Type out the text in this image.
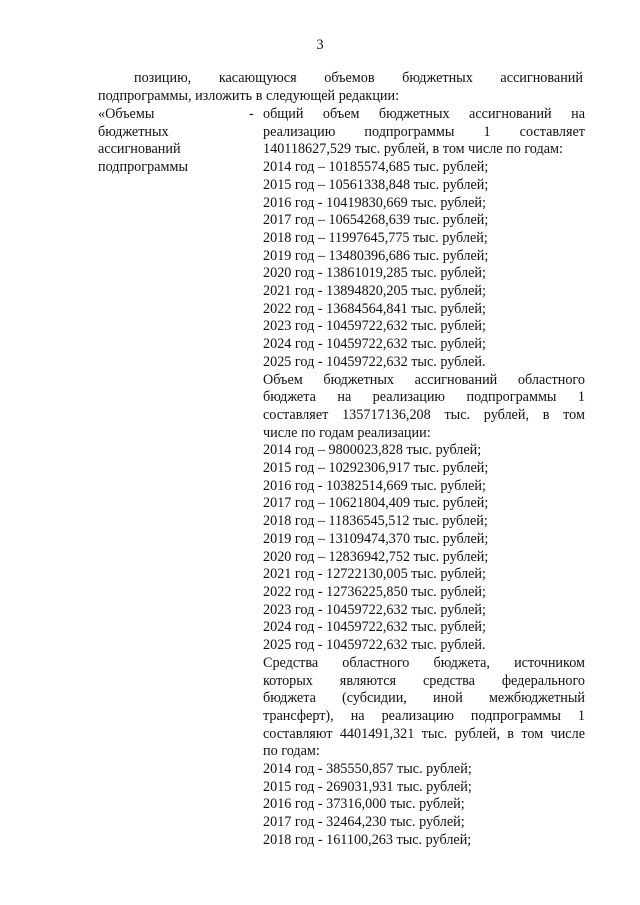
3
позицию, касающуюся объемов бюджетных ассигнований
подпрограммы, изложить в следующей редакции:
«Объемы
бюджетных
ассигнований
подпрограммы
- общий объем бюджетных ассигнований на
реализацию подпрограммы 1 составляет
140118627,529 тыс. рублей, в том числе по годам:
2014 год – 10185574,685 тыс. рублей;
2015 год – 10561338,848 тыс. рублей;
2016 год - 10419830,669 тыс. рублей;
2017 год – 10654268,639 тыс. рублей;
2018 год – 11997645,775 тыс. рублей;
2019 год – 13480396,686 тыс. рублей;
2020 год - 13861019,285 тыс. рублей;
2021 год - 13894820,205 тыс. рублей;
2022 год - 13684564,841 тыс. рублей;
2023 год - 10459722,632 тыс. рублей;
2024 год - 10459722,632 тыс. рублей;
2025 год - 10459722,632 тыс. рублей.
Объем бюджетных ассигнований областного
бюджета на реализацию подпрограммы 1
составляет 135717136,208 тыс. рублей, в том
числе по годам реализации:
2014 год – 9800023,828 тыс. рублей;
2015 год – 10292306,917 тыс. рублей;
2016 год - 10382514,669 тыс. рублей;
2017 год – 10621804,409 тыс. рублей;
2018 год – 11836545,512 тыс. рублей;
2019 год – 13109474,370 тыс. рублей;
2020 год – 12836942,752 тыс. рублей;
2021 год - 12722130,005 тыс. рублей;
2022 год - 12736225,850 тыс. рублей;
2023 год - 10459722,632 тыс. рублей;
2024 год - 10459722,632 тыс. рублей;
2025 год - 10459722,632 тыс. рублей.
Средства областного бюджета, источником
которых являются средства федерального
бюджета (субсидии, иной межбюджетный
трансферт), на реализацию подпрограммы 1
составляют 4401491,321 тыс. рублей, в том числе
по годам:
2014 год - 385550,857 тыс. рублей;
2015 год - 269031,931 тыс. рублей;
2016 год - 37316,000 тыс. рублей;
2017 год - 32464,230 тыс. рублей;
2018 год - 161100,263 тыс. рублей;
